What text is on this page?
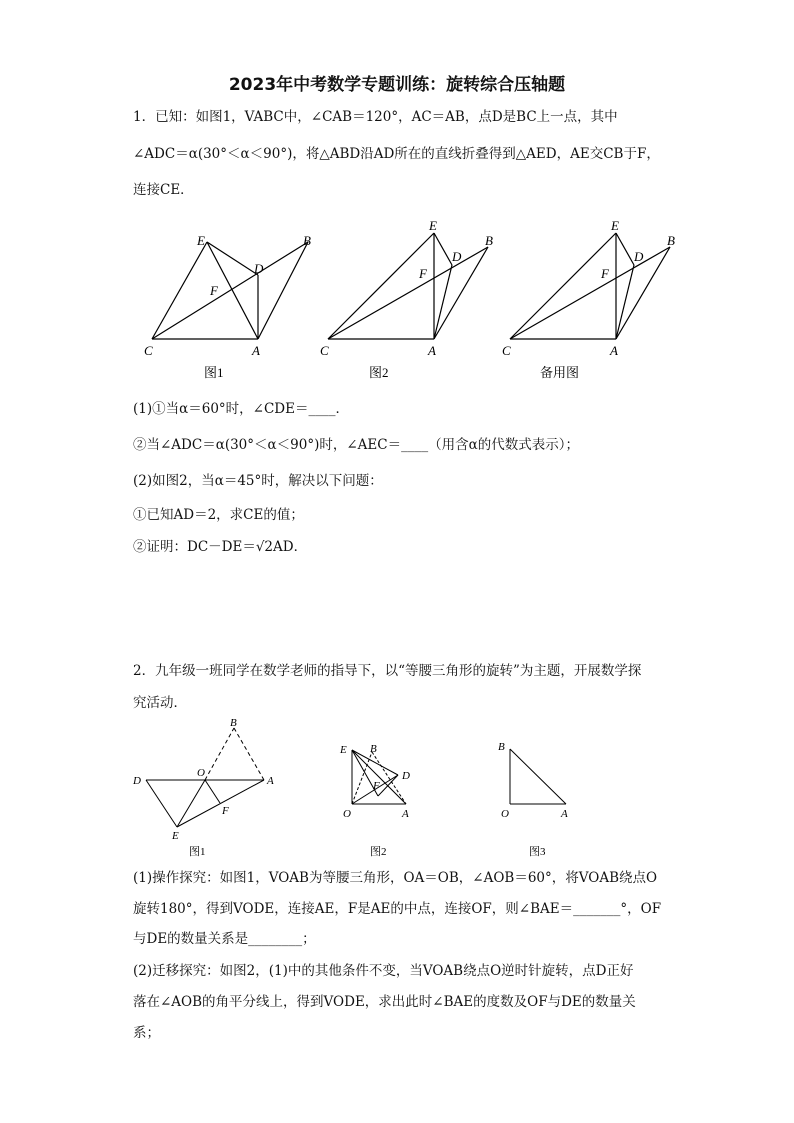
2023年中考数学专题训练：旋转综合压轴题
1．已知：如图1，VABC中，∠CAB＝120°，AC＝AB，点D是BC上一点，其中
∠ADC＝α(30°＜α＜90°)，将△ABD沿AD所在的直线折叠得到△AED，AE交CB于F，
连接CE．
E	B
D
F
C	A
E
B
D
F
C	A
E
B
D
F
C	A
图1	图2	备用图
(1)①当α＝60°时，∠CDE＝____．
②当∠ADC＝α(30°＜α＜90°)时，∠AEC＝____（用含α的代数式表示）；
(2)如图2，当α＝45°时，解决以下问题：
①已知AD＝2，求CE的值；
②证明：DC－DE＝√2AD．
2．九年级一班同学在数学老师的指导下，以“等腰三角形的旋转”为主题，开展数学探
究活动．
B
D
O
A
F
E
E B
D
F
O	A
B
O	A
图1	图2	图3
(1)操作探究：如图1，VOAB为等腰三角形，OA＝OB，∠AOB＝60°，将VOAB绕点O
旋转180°，得到VODE，连接AE，F是AE的中点，连接OF，则∠BAE＝_______°，OF
与DE的数量关系是________；
(2)迁移探究：如图2，(1)中的其他条件不变，当VOAB绕点O逆时针旋转，点D正好
落在∠AOB的角平分线上，得到VODE，求出此时∠BAE的度数及OF与DE的数量关
系；
